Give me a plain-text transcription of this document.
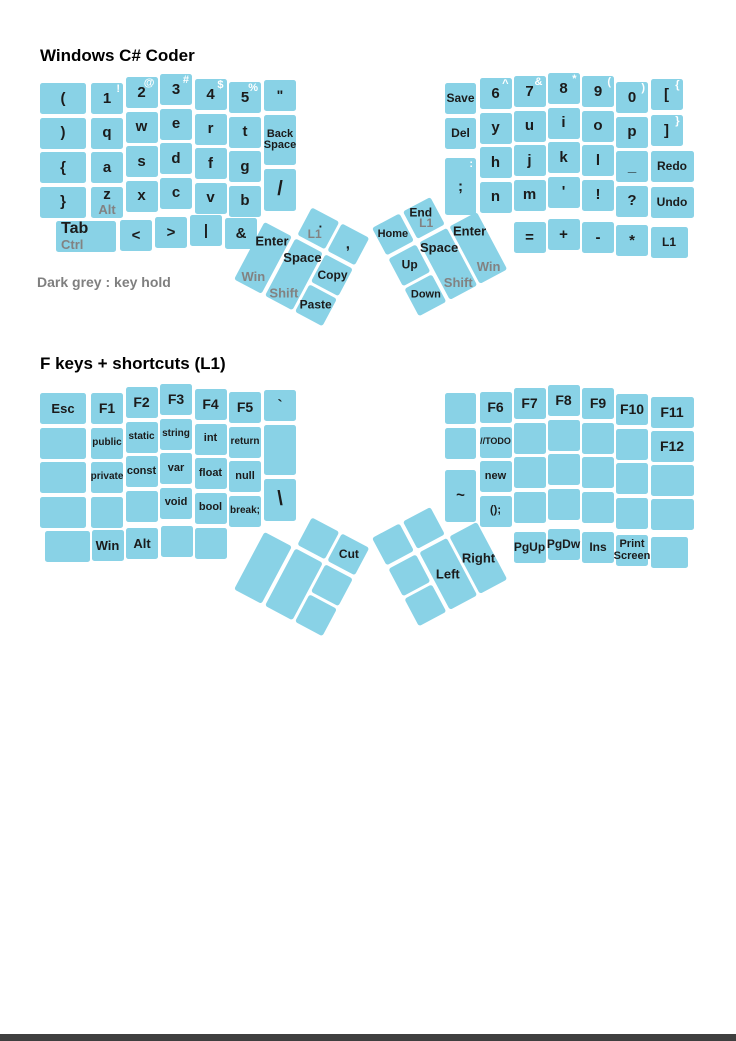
Windows C# Coder
Dark grey : key hold
F keys + shortcuts (L1)
(
)
{
}
1
!
q
a
z
Alt
2
@
w
s
x
3
#
e
d
c
4
$
r
f
v
5
%
t
g
b
"
Back Space
/
Tab
Ctrl
< > | &
Save
Del
;
:
6
^
y
h
n
7
&
u
j
m
8
*
i
k
'
9
(
o
l
!
0
)
p
_
?
[
{
]
}
Redo
Undo
= + - * L1
.
L1
,
Enter
Win
Space
Shift
Copy
Paste
Home
End
L1
Up
Down
Space
Shift
Enter
Win
Esc F1
public
private
F2
static
const
F3
string
var
void
F4
int
float
bool
F5
return
null
break;
`
\
Win Alt
~
F6
//TODO
new
();
F7 F8 F9 F10 F11
F12
PgUp PgDw Ins	Print Screen
Cut
Left
Right
